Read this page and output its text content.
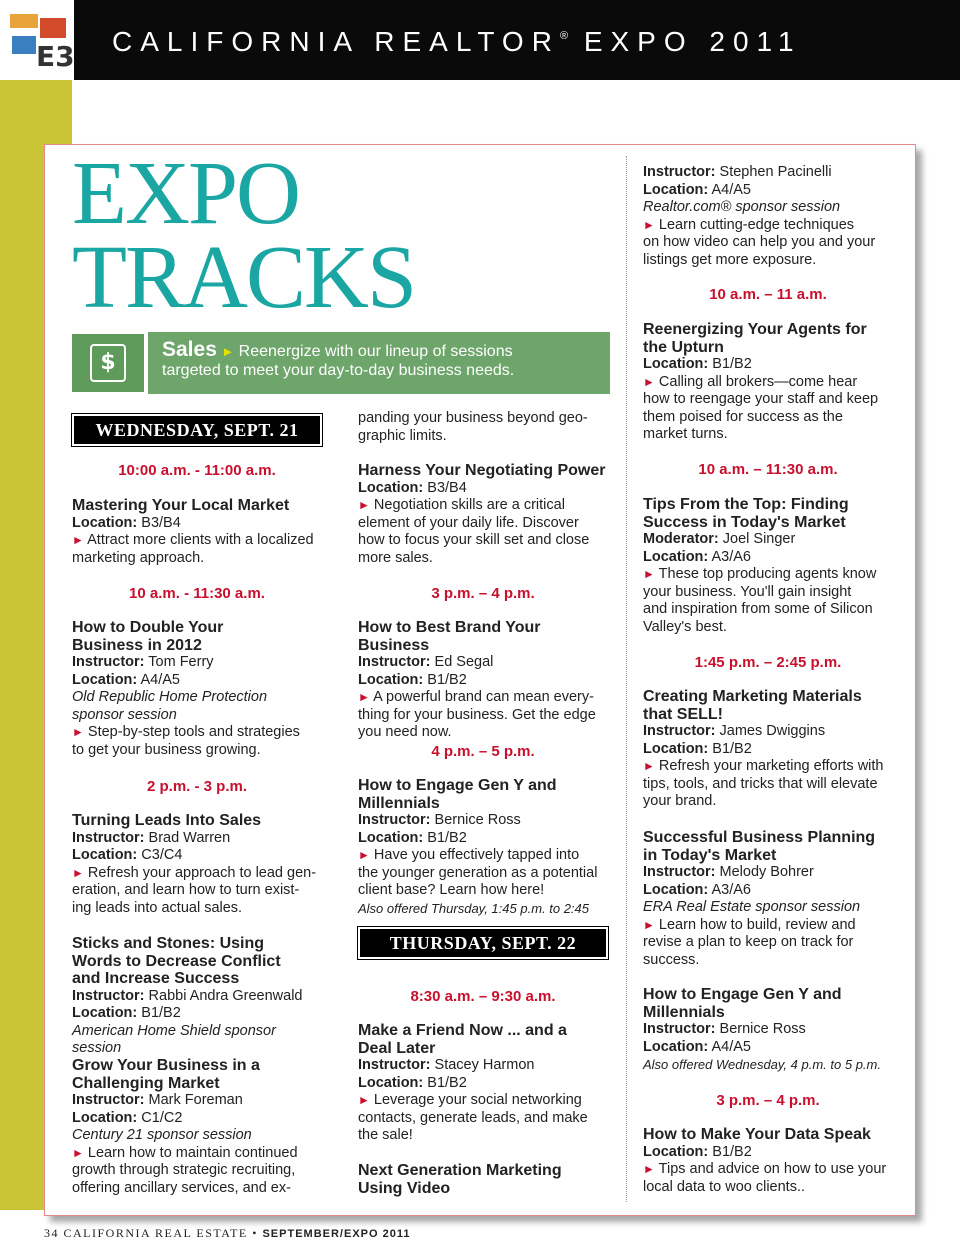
E3 CALIFORNIA REALTOR® EXPO 2011
EXPO
TRACKS
$
Sales ► Reenergize with our lineup of sessions
targeted to meet your day-to-day business needs.
WEDNESDAY, SEPT. 21
10:00 a.m. - 11:00 a.m.
Mastering Your Local Market
Location: B3/B4
► Attract more clients with a localized
marketing approach.
10 a.m. - 11:30 a.m.
How to Double Your
Business in 2012
Instructor: Tom Ferry
Location: A4/A5
Old Republic Home Protection
sponsor session
► Step-by-step tools and strategies
to get your business growing.
2 p.m. - 3 p.m.
Turning Leads Into Sales
Instructor: Brad Warren
Location: C3/C4
► Refresh your approach to lead gen-
eration, and learn how to turn exist-
ing leads into actual sales.
Sticks and Stones: Using
Words to Decrease Conflict
and Increase Success
Instructor: Rabbi Andra Greenwald
Location: B1/B2
American Home Shield sponsor session
Grow Your Business in a
Challenging Market
Instructor: Mark Foreman
Location: C1/C2
Century 21 sponsor session
► Learn how to maintain continued
growth through strategic recruiting,
offering ancillary services, and ex-
panding your business beyond geo-
graphic limits.
Harness Your Negotiating Power
Location: B3/B4
► Negotiation skills are a critical
element of your daily life. Discover
how to focus your skill set and close
more sales.
3 p.m. – 4 p.m.
How to Best Brand Your Business
Instructor: Ed Segal
Location: B1/B2
► A powerful brand can mean every-
thing for your business. Get the edge
you need now.
4 p.m. – 5 p.m.
How to Engage Gen Y and
Millennials
Instructor: Bernice Ross
Location: B1/B2
► Have you effectively tapped into
the younger generation as a potential
client base? Learn how here!
Also offered Thursday, 1:45 p.m. to 2:45
THURSDAY, SEPT. 22
8:30 a.m. – 9:30 a.m.
Make a Friend Now ... and a
Deal Later
Instructor: Stacey Harmon
Location: B1/B2
► Leverage your social networking
contacts, generate leads, and make
the sale!
Next Generation Marketing
Using Video
Instructor: Stephen Pacinelli
Location: A4/A5
Realtor.com® sponsor session
► Learn cutting-edge techniques
on how video can help you and your
listings get more exposure.
10 a.m. – 11 a.m.
Reenergizing Your Agents for
the Upturn
Location: B1/B2
► Calling all brokers—come hear
how to reengage your staff and keep
them poised for success as the
market turns.
10 a.m. – 11:30 a.m.
Tips From the Top: Finding
Success in Today's Market
Moderator: Joel Singer
Location: A3/A6
► These top producing agents know
your business. You'll gain insight
and inspiration from some of Silicon
Valley's best.
1:45 p.m. – 2:45 p.m.
Creating Marketing Materials
that SELL!
Instructor: James Dwiggins
Location: B1/B2
► Refresh your marketing efforts with
tips, tools, and tricks that will elevate
your brand.
Successful Business Planning
in Today's Market
Instructor: Melody Bohrer
Location: A3/A6
ERA Real Estate sponsor session
► Learn how to build, review and
revise a plan to keep on track for
success.
How to Engage Gen Y and
Millennials
Instructor: Bernice Ross
Location: A4/A5
Also offered Wednesday, 4 p.m. to 5 p.m.
3 p.m. – 4 p.m.
How to Make Your Data Speak
Location: B1/B2
► Tips and advice on how to use your
local data to woo clients..
34 CALIFORNIA REAL ESTATE • SEPTEMBER/EXPO 2011
